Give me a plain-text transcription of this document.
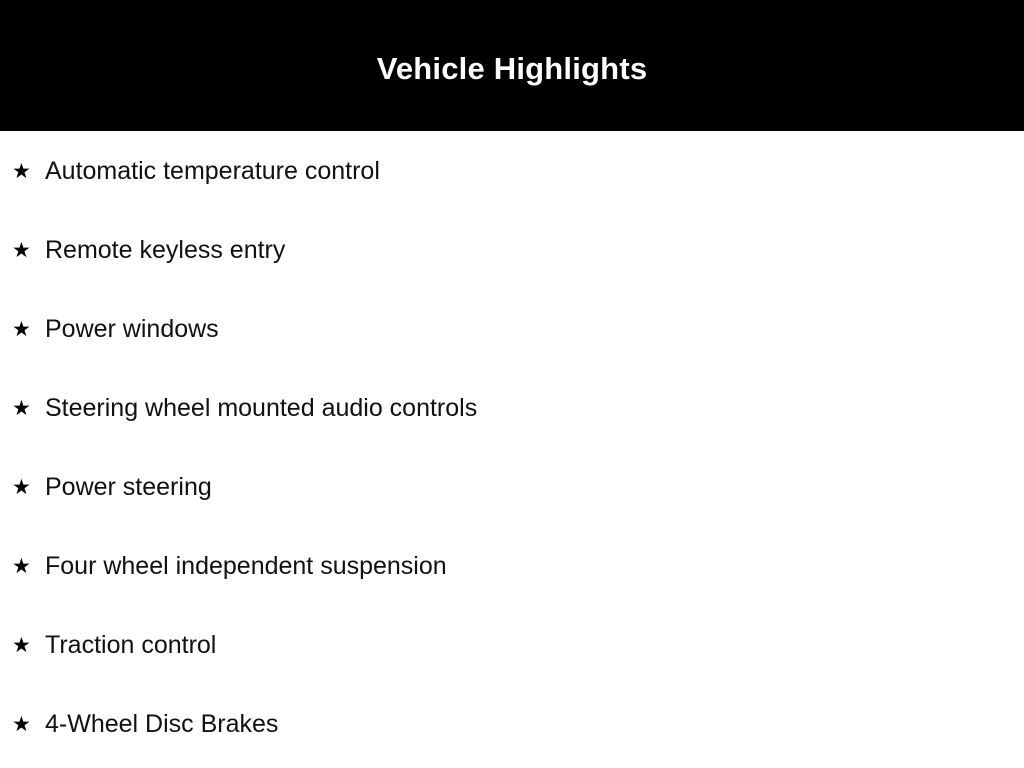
Vehicle Highlights
★ Automatic temperature control
★ Remote keyless entry
★ Power windows
★ Steering wheel mounted audio controls
★ Power steering
★ Four wheel independent suspension
★ Traction control
★ 4-Wheel Disc Brakes
